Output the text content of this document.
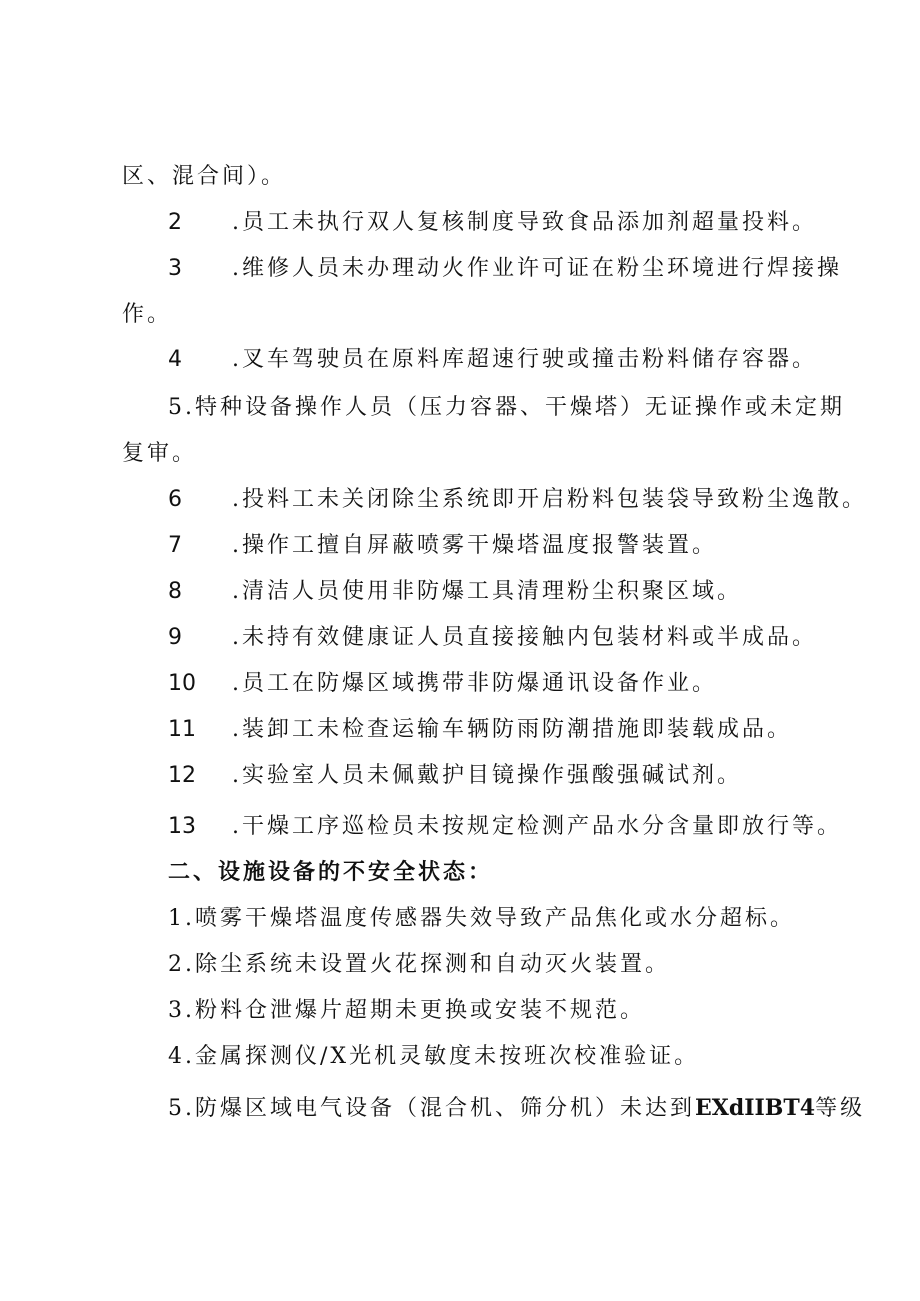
区、混合间）。
2 .员工未执行双人复核制度导致食品添加剂超量投料。
3 .维修人员未办理动火作业许可证在粉尘环境进行焊接操
作。
4 .叉车驾驶员在原料库超速行驶或撞击粉料储存容器。
5.特种设备操作人员（压力容器、干燥塔）无证操作或未定期
复审。
6 .投料工未关闭除尘系统即开启粉料包装袋导致粉尘逸散。
7 .操作工擅自屏蔽喷雾干燥塔温度报警装置。
8 .清洁人员使用非防爆工具清理粉尘积聚区域。
9 .未持有效健康证人员直接接触内包装材料或半成品。
10 .员工在防爆区域携带非防爆通讯设备作业。
11 .装卸工未检查运输车辆防雨防潮措施即装载成品。
12 .实验室人员未佩戴护目镜操作强酸强碱试剂。
13 .干燥工序巡检员未按规定检测产品水分含量即放行等。
二、设施设备的不安全状态：
1.喷雾干燥塔温度传感器失效导致产品焦化或水分超标。
2.除尘系统未设置火花探测和自动灭火装置。
3.粉料仓泄爆片超期未更换或安装不规范。
4.金属探测仪/X光机灵敏度未按班次校准验证。
5.防爆区域电气设备（混合机、筛分机）未达到EXdIIBT4等级
